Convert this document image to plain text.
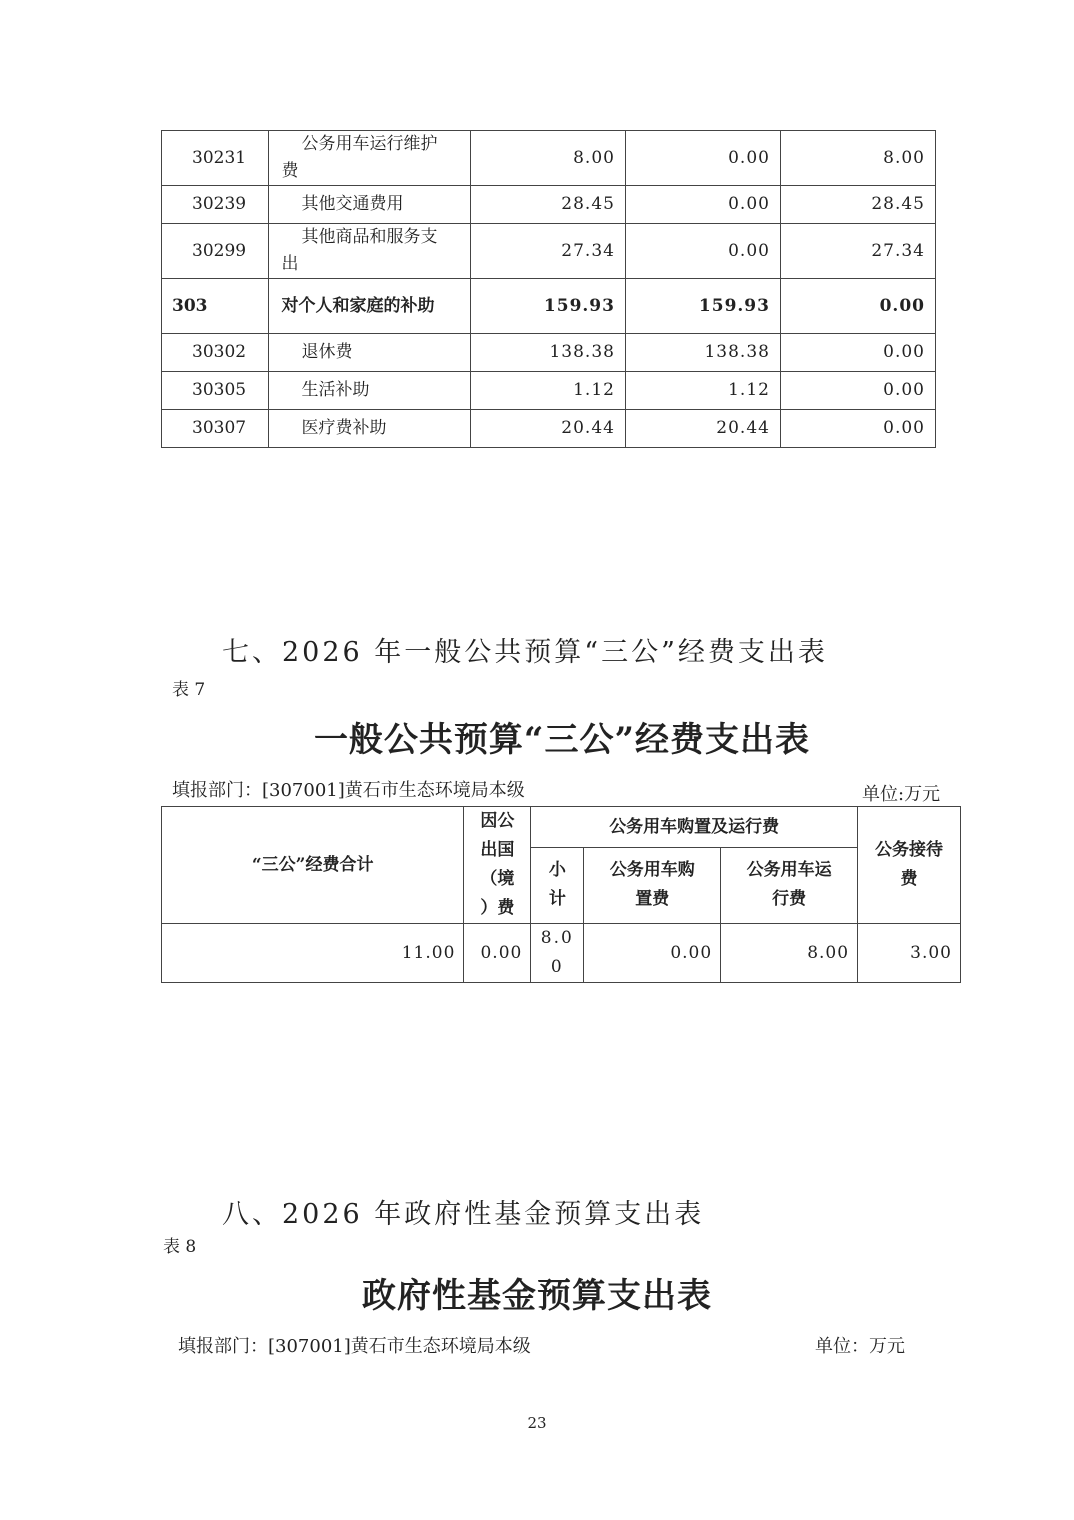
30231	公务用车运行维护费	8.00	0.00	8.00
30239	其他交通费用	28.45	0.00	28.45
30299	其他商品和服务支出	27.34	0.00	27.34
303	对个人和家庭的补助	159.93	159.93	0.00
30302	退休费	138.38	138.38	0.00
30305	生活补助	1.12	1.12	0.00
30307	医疗费补助	20.44	20.44	0.00
七、2026 年一般公共预算“三公”经费支出表
表 7
一般公共预算“三公”经费支出表
填报部门：[307001]黄石市生态环境局本级	单位:万元
“三公”经费合计	因公出国（境）费	公务用车购置及运行费			公务接待费
		小计	公务用车购置费	公务用车运行费	
11.00	0.00	8.00	0.00	8.00	3.00
八、2026 年政府性基金预算支出表
表 8
政府性基金预算支出表
填报部门：[307001]黄石市生态环境局本级	单位：万元
23
